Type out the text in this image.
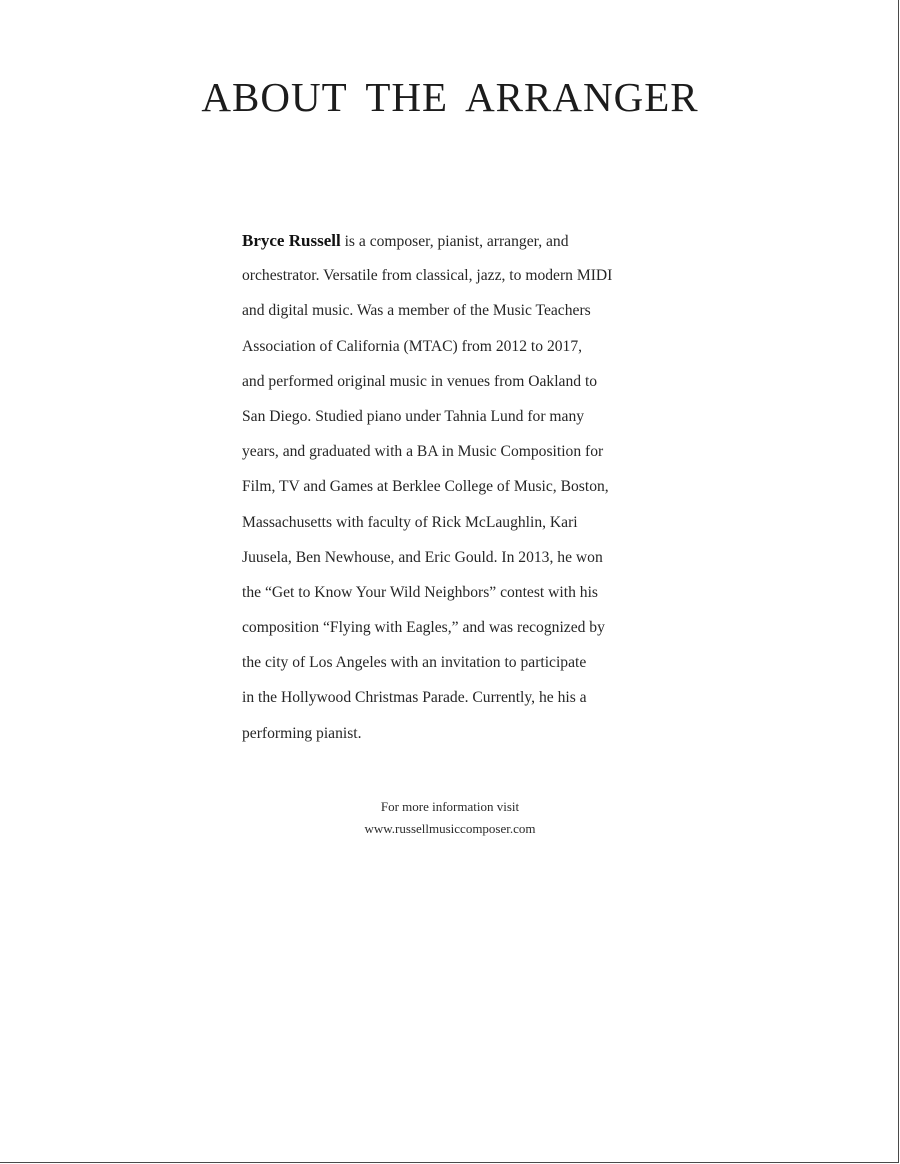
ABOUT THE ARRANGER
Bryce Russell is a composer, pianist, arranger, and
orchestrator. Versatile from classical, jazz, to modern MIDI
and digital music. Was a member of the Music Teachers
Association of California (MTAC) from 2012 to 2017,
and performed original music in venues from Oakland to
San Diego. Studied piano under Tahnia Lund for many
years, and graduated with a BA in Music Composition for
Film, TV and Games at Berklee College of Music, Boston,
Massachusetts with faculty of Rick McLaughlin, Kari
Juusela, Ben Newhouse, and Eric Gould. In 2013, he won
the “Get to Know Your Wild Neighbors” contest with his
composition “Flying with Eagles,” and was recognized by
the city of Los Angeles with an invitation to participate
in the Hollywood Christmas Parade. Currently, he his a
performing pianist.
For more information visit
www.russellmusiccomposer.com
